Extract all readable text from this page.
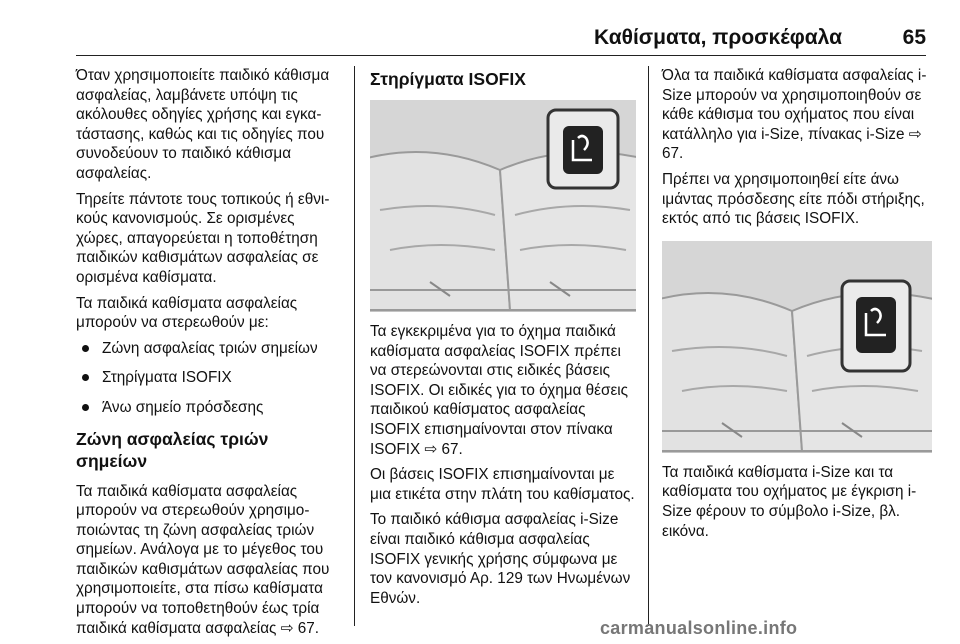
Καθίσματα, προσκέφαλα	65

Όταν χρησιμοποιείτε παιδικό κάθισμα ασφαλείας, λαμβάνετε υπόψη τις ακόλουθες οδηγίες χρήσης και εγκατάστασης, καθώς και τις οδηγίες που συνοδεύουν το παιδικό κάθισμα ασφαλείας.

Τηρείτε πάντοτε τους τοπικούς ή εθνικούς κανονισμούς. Σε ορισμένες χώρες, απαγορεύεται η τοποθέτηση παιδικών καθισμάτων ασφαλείας σε ορισμένα καθίσματα.

Τα παιδικά καθίσματα ασφαλείας μπορούν να στερεωθούν με:

Ζώνη ασφαλείας τριών σημείων
Στηρίγματα ISOFIX
Άνω σημείο πρόσδεσης
Ζώνη ασφαλείας τριών σημείων

Τα παιδικά καθίσματα ασφαλείας μπορούν να στερεωθούν χρησιμοποιώντας τη ζώνη ασφαλείας τριών σημείων. Ανάλογα με το μέγεθος του παιδικών καθισμάτων ασφαλείας που χρησιμοποιείτε, στα πίσω καθίσματα μπορούν να τοποθετηθούν έως τρία παιδικά καθίσματα ασφαλείας ⇨ 67.

Στηρίγματα ISOFIX

Τα εγκεκριμένα για το όχημα παιδικά καθίσματα ασφαλείας ISOFIX πρέπει να στερεώνονται στις ειδικές βάσεις ISOFIX. Οι ειδικές για το όχημα θέσεις παιδικού καθίσματος ασφαλείας ISOFIX επισημαίνονται στον πίνακα ISOFIX ⇨ 67.

Οι βάσεις ISOFIX επισημαίνονται με μια ετικέτα στην πλάτη του καθίσματος.

Το παιδικό κάθισμα ασφαλείας i-Size είναι παιδικό κάθισμα ασφαλείας ISOFIX γενικής χρήσης σύμφωνα με τον κανονισμό Αρ. 129 των Ηνωμένων Εθνών.

Όλα τα παιδικά καθίσματα ασφαλείας i-Size μπορούν να χρησιμοποιηθούν σε κάθε κάθισμα του οχήματος που είναι κατάλληλο για i-Size, πίνακας i-Size ⇨ 67.

Πρέπει να χρησιμοποιηθεί είτε άνω ιμάντας πρόσδεσης είτε πόδι στήριξης, εκτός από τις βάσεις ISOFIX.

Τα παιδικά καθίσματα i-Size και τα καθίσματα του οχήματος με έγκριση i-Size φέρουν το σύμβολο i-Size, βλ. εικόνα.

carmanualsonline.info
